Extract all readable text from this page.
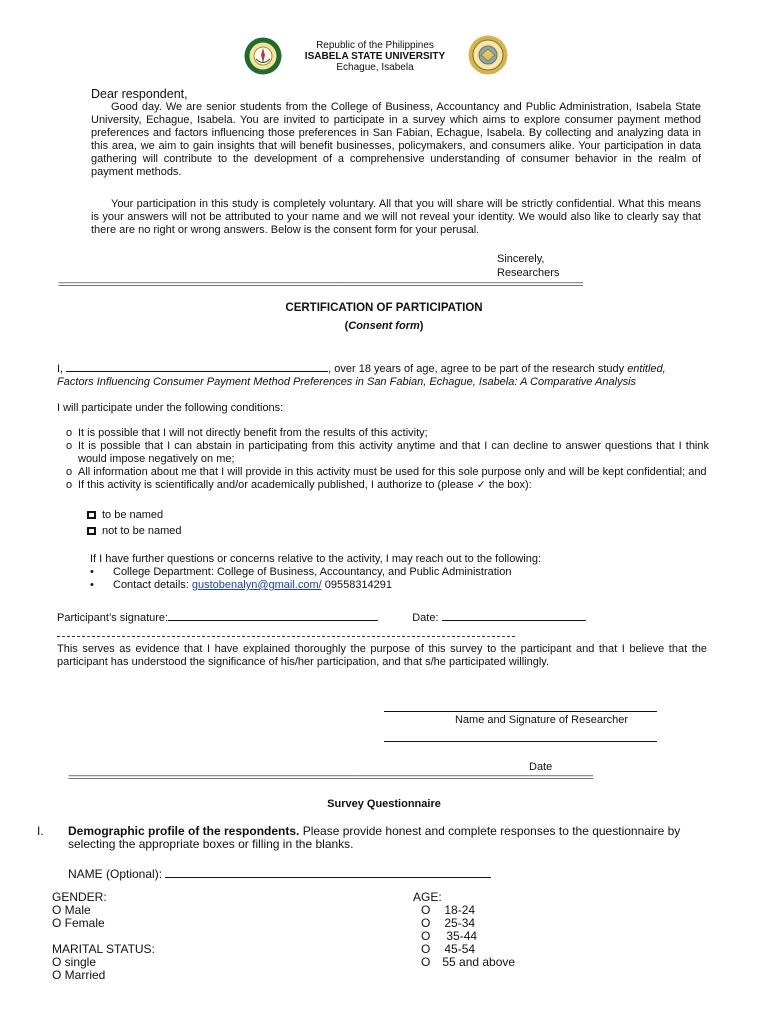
Republic of the Philippines
ISABELA STATE UNIVERSITY
Echague, Isabela
Dear respondent,
Good day. We are senior students from the College of Business, Accountancy and Public Administration, Isabela State University, Echague, Isabela. You are invited to participate in a survey which aims to explore consumer payment method preferences and factors influencing those preferences in San Fabian, Echague, Isabela. By collecting and analyzing data in this area, we aim to gain insights that will benefit businesses, policymakers, and consumers alike. Your participation in data gathering will contribute to the development of a comprehensive understanding of consumer behavior in the realm of payment methods.
Your participation in this study is completely voluntary. All that you will share will be strictly confidential. What this means is your answers will not be attributed to your name and we will not reveal your identity. We would also like to clearly say that there are no right or wrong answers. Below is the consent form for your perusal.
Sincerely,
Researchers
===================================================================================================================================
CERTIFICATION OF PARTICIPATION
(Consent form)
I,	, over 18 years of age, agree to be part of the research study entitled,
Factors Influencing Consumer Payment Method Preferences in San Fabian, Echague, Isabela: A Comparative Analysis
I will participate under the following conditions:
o It is possible that I will not directly benefit from the results of this activity;
o It is possible that I can abstain in participating from this activity anytime and that I can decline to answer questions that I think would impose negatively on me;
o All information about me that I will provide in this activity must be used for this sole purpose only and will be kept confidential; and
o If this activity is scientifically and/or academically published, I authorize to (please ✓ the box):
to be named
not to be named
If I have further questions or concerns relative to the activity, I may reach out to the following:
• College Department: College of Business, Accountancy, and Public Administration
• Contact details: gustobenalyn@gmail.com/ 09558314291
Participant’s signature:	Date:
This serves as evidence that I have explained thoroughly the purpose of this survey to the participant and that I believe that the participant has understood the significance of his/her participation, and that s/he participated willingly.
Name and Signature of Researcher
Date
===================================================================================================================================
Survey Questionnaire
I. Demographic profile of the respondents. Please provide honest and complete responses to the questionnaire by selecting the appropriate boxes or filling in the blanks.
NAME (Optional):
GENDER:
O Male
O Female
MARITAL STATUS:
O single
O Married
AGE:
O 18-24
O 25-34
O 35-44
O 45-54
O 55 and above
